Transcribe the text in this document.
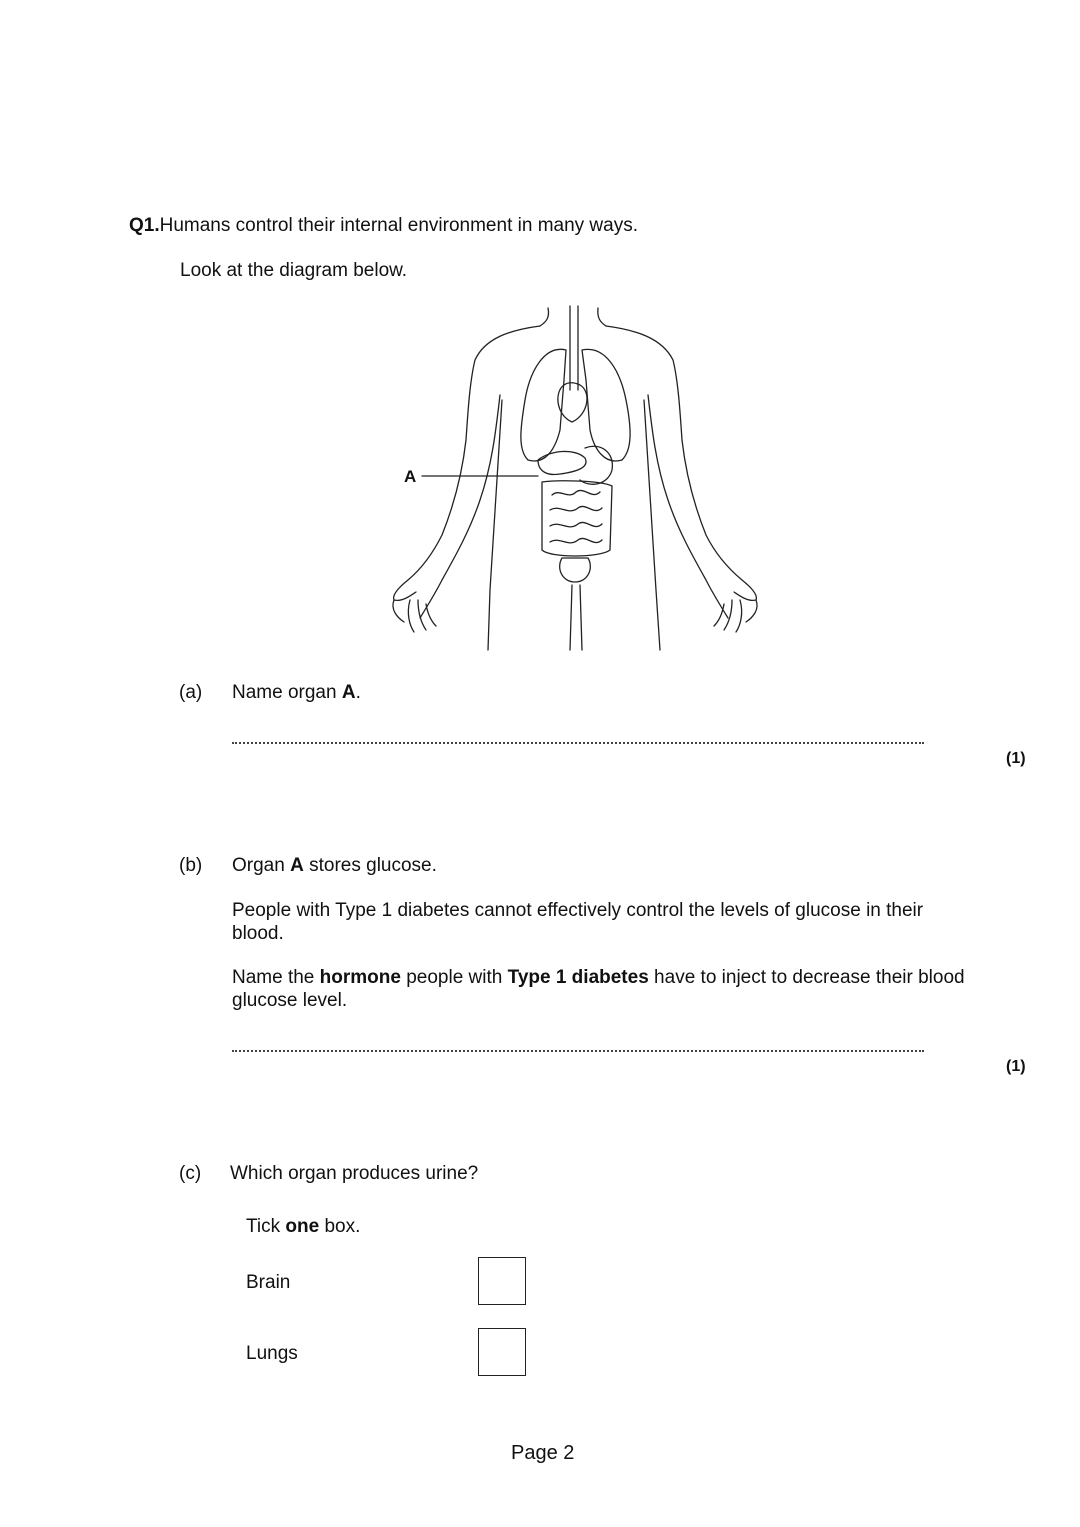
Q1.Humans control their internal environment in many ways.
Look at the diagram below.
A
(a) Name organ A.
(1)
(b) Organ A stores glucose.
People with Type 1 diabetes cannot effectively control the levels of glucose in their blood.
Name the hormone people with Type 1 diabetes have to inject to decrease their blood glucose level.
(1)
(c) Which organ produces urine?
Tick one box.
Brain
Lungs
Page 2
